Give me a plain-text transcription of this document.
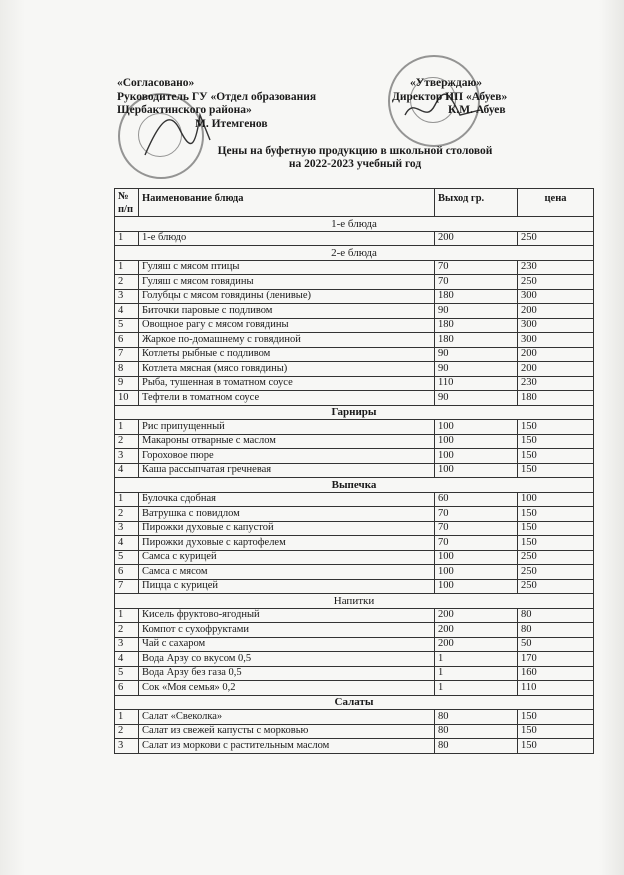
«Согласовано»
Руководитель ГУ «Отдел образования
Щербактинского района»
М. Итемгенов
«Утверждаю»
Директор ИП «Абуев»
К.М. Абуев
Цены на буфетную продукцию в школьной столовой
на 2022-2023 учебный год
№
п/п	Наименование блюда	Выход гр.	цена
1-е блюда			
1	1-е блюдо	200	250
2-е блюда			
1	Гуляш с мясом птицы	70	230
2	Гуляш с мясом говядины	70	250
3	Голубцы с мясом говядины (ленивые)	180	300
4	Биточки паровые с подливом	90	200
5	Овощное рагу с мясом говядины	180	300
6	Жаркое по-домашнему с говядиной	180	300
7	Котлеты рыбные с подливом	90	200
8	Котлета мясная (мясо говядины)	90	200
9	Рыба, тушенная в томатном соусе	110	230
10	Тефтели в томатном соусе	90	180
Гарниры			
1	Рис припущенный	100	150
2	Макароны отварные с маслом	100	150
3	Гороховое пюре	100	150
4	Каша рассыпчатая гречневая	100	150
Выпечка			
1	Булочка сдобная	60	100
2	Ватрушка с повидлом	70	150
3	Пирожки духовые с капустой	70	150
4	Пирожки духовые с картофелем	70	150
5	Самса с курицей	100	250
6	Самса с мясом	100	250
7	Пицца с курицей	100	250
Напитки			
1	Кисель фруктово-ягодный	200	80
2	Компот с сухофруктами	200	80
3	Чай с сахаром	200	50
4	Вода Арзу со вкусом 0,5	1	170
5	Вода Арзу без газа 0,5	1	160
6	Сок «Моя семья» 0,2	1	110
Салаты			
1	Салат «Свеколка»	80	150
2	Салат из свежей капусты с морковью	80	150
3	Салат из моркови с растительным маслом	80	150
